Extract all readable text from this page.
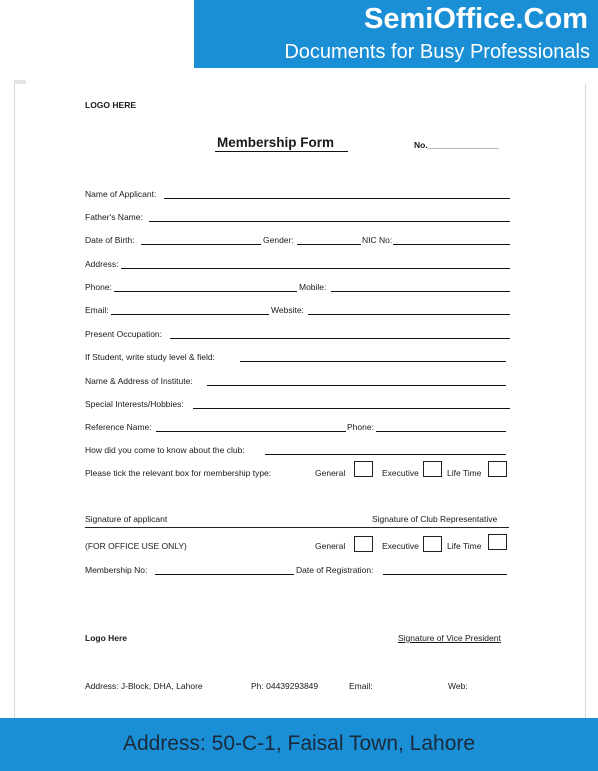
SemiOffice.Com
Documents for Busy Professionals
LOGO HERE
Membership Form	No._______________
Name of Applicant:
Father's Name:
Date of Birth:	Gender:	NIC No:
Address:
Phone:	Mobile:
Email:	Website:
Present Occupation:
If Student, write study level & field:
Name & Address of Institute:
Special Interests/Hobbies:
Reference Name:	Phone:
How did you come to know about the club:
Please tick the relevant box for membership type:	General	Executive	Life Time
Signature of applicant	Signature of Club Representative
(FOR OFFICE USE ONLY)	General	Executive	Life Time
Membership No:	Date of Registration:
Logo Here	Signature of Vice President
Address: J-Block, DHA, Lahore	Ph: 04439293849	Email:	Web:
Address: 50-C-1, Faisal Town, Lahore
